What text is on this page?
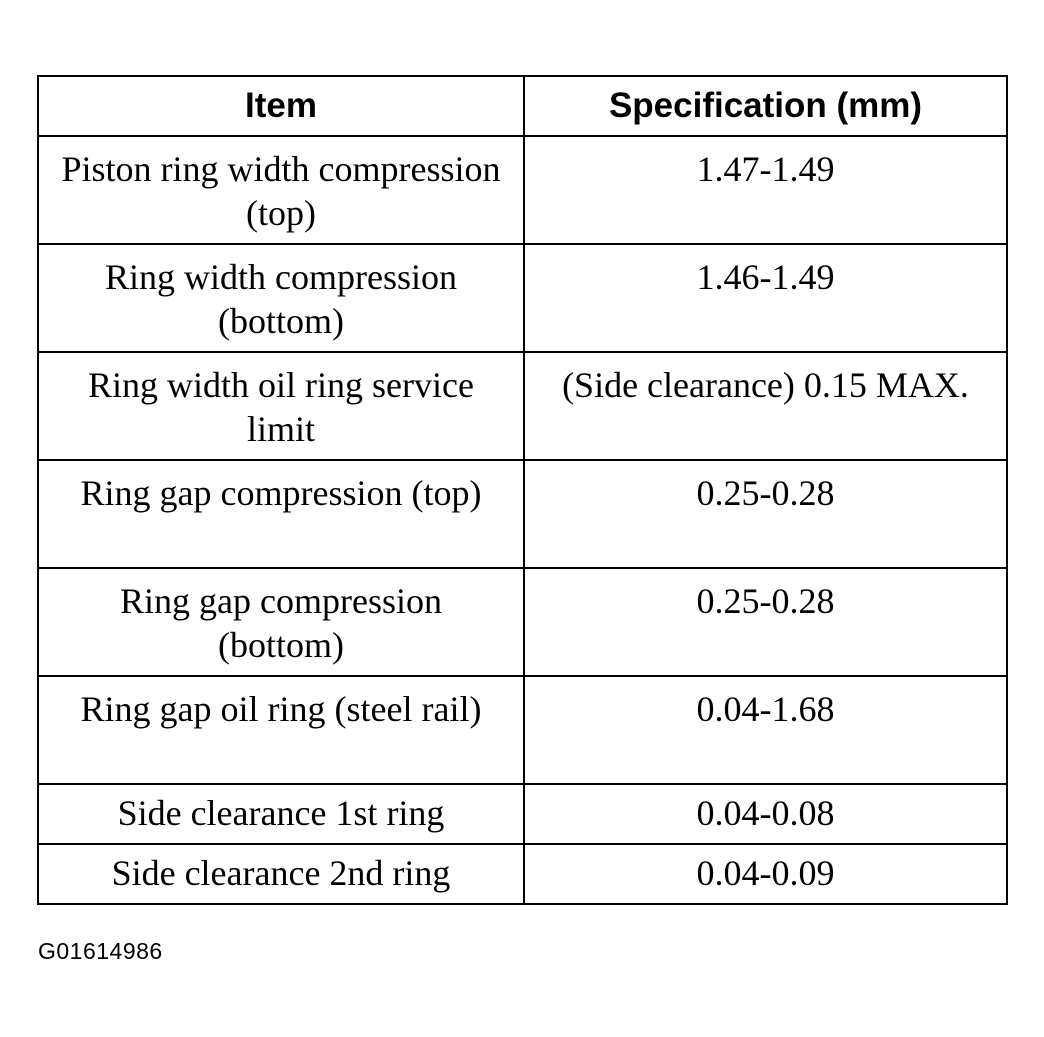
Item	Specification (mm)
Piston ring width compression (top)	1.47-1.49
Ring width compression (bottom)	1.46-1.49
Ring width oil ring service limit	(Side clearance) 0.15 MAX.
Ring gap compression (top)	0.25-0.28
Ring gap compression (bottom)	0.25-0.28
Ring gap oil ring (steel rail)	0.04-1.68
Side clearance 1st ring	0.04-0.08
Side clearance 2nd ring	0.04-0.09
G01614986
